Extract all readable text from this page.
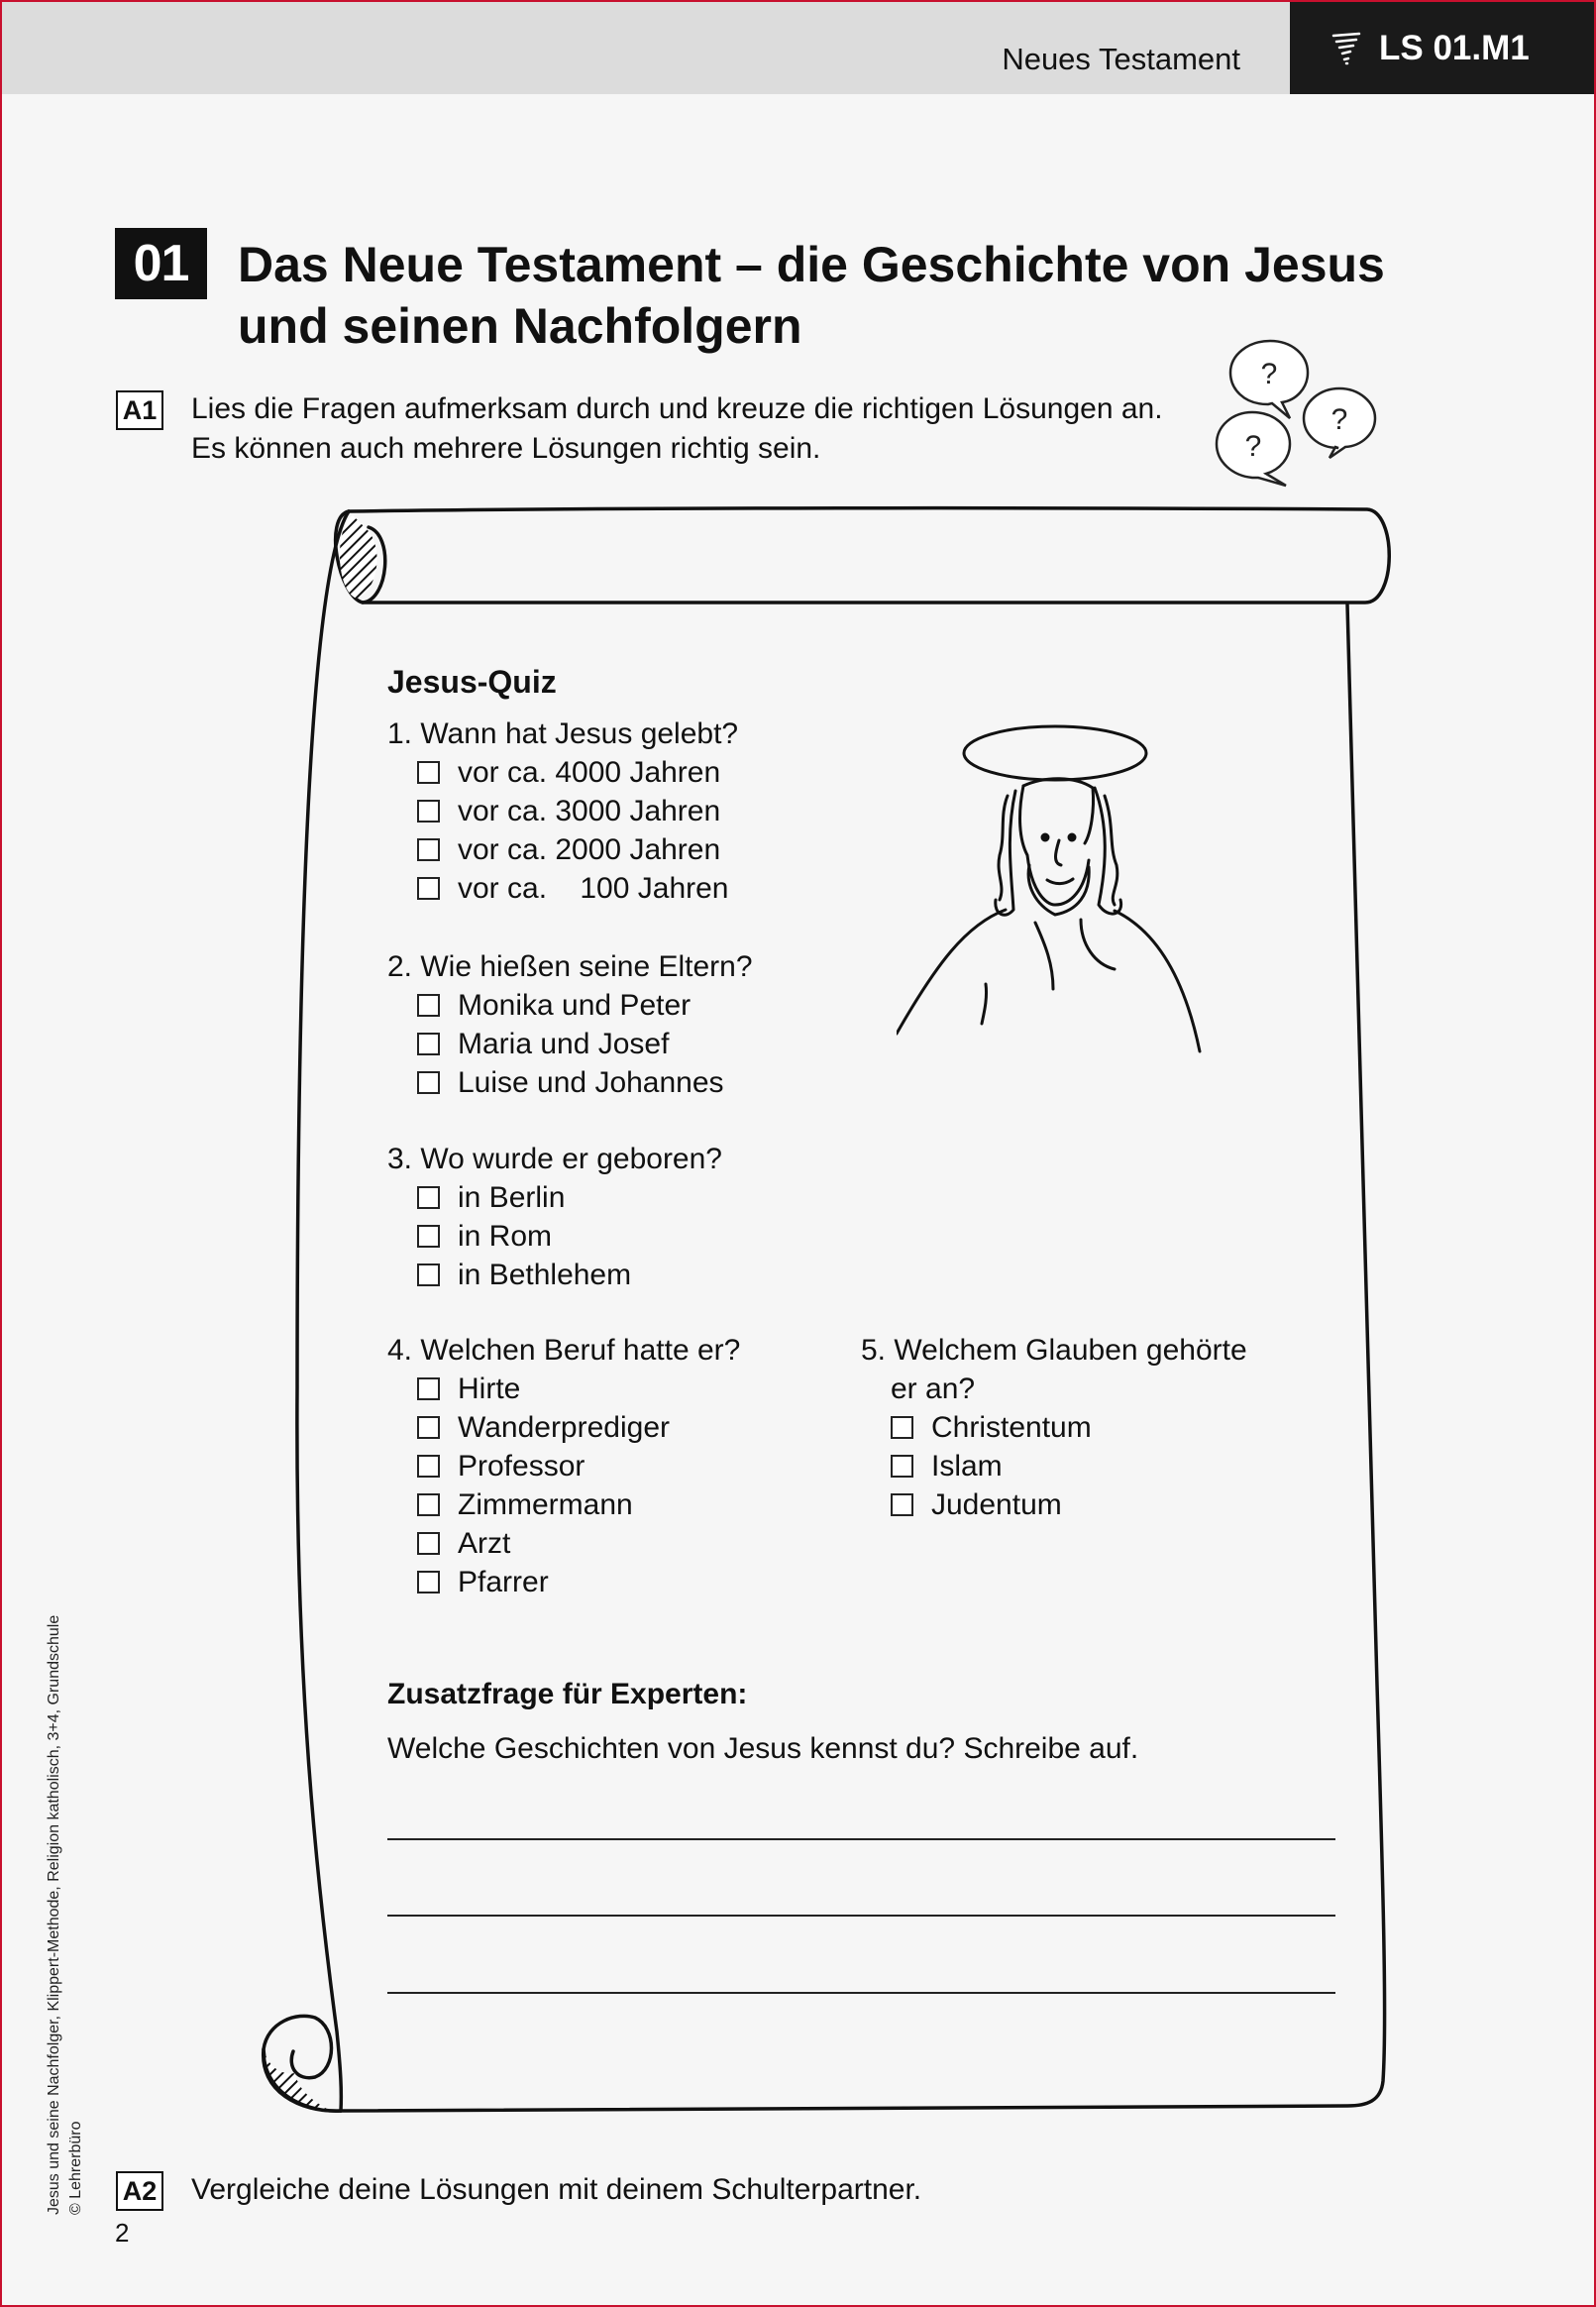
Neues Testament	LS 01.M1
01 Das Neue Testament – die Geschichte von Jesus und seinen Nachfolgern
A1 Lies die Fragen aufmerksam durch und kreuze die richtigen Lösungen an.
Es können auch mehrere Lösungen richtig sein.
?
?
?
Jesus-Quiz
1. Wann hat Jesus gelebt?
vor ca. 4000 Jahren
vor ca. 3000 Jahren
vor ca. 2000 Jahren
vor ca.    100 Jahren
2. Wie hießen seine Eltern?
Monika und Peter
Maria und Josef
Luise und Johannes
3. Wo wurde er geboren?
in Berlin
in Rom
in Bethlehem
4. Welchen Beruf hatte er?
Hirte
Wanderprediger
Professor
Zimmermann
Arzt
Pfarrer
5. Welchem Glauben gehörte
er an?
Christentum
Islam
Judentum
Zusatzfrage für Experten:
Welche Geschichten von Jesus kennst du? Schreibe auf.
A2 Vergleiche deine Lösungen mit deinem Schulterpartner.
Jesus und seine Nachfolger, Klippert-Methode, Religion katholisch, 3+4, Grundschule © Lehrerbüro
2
